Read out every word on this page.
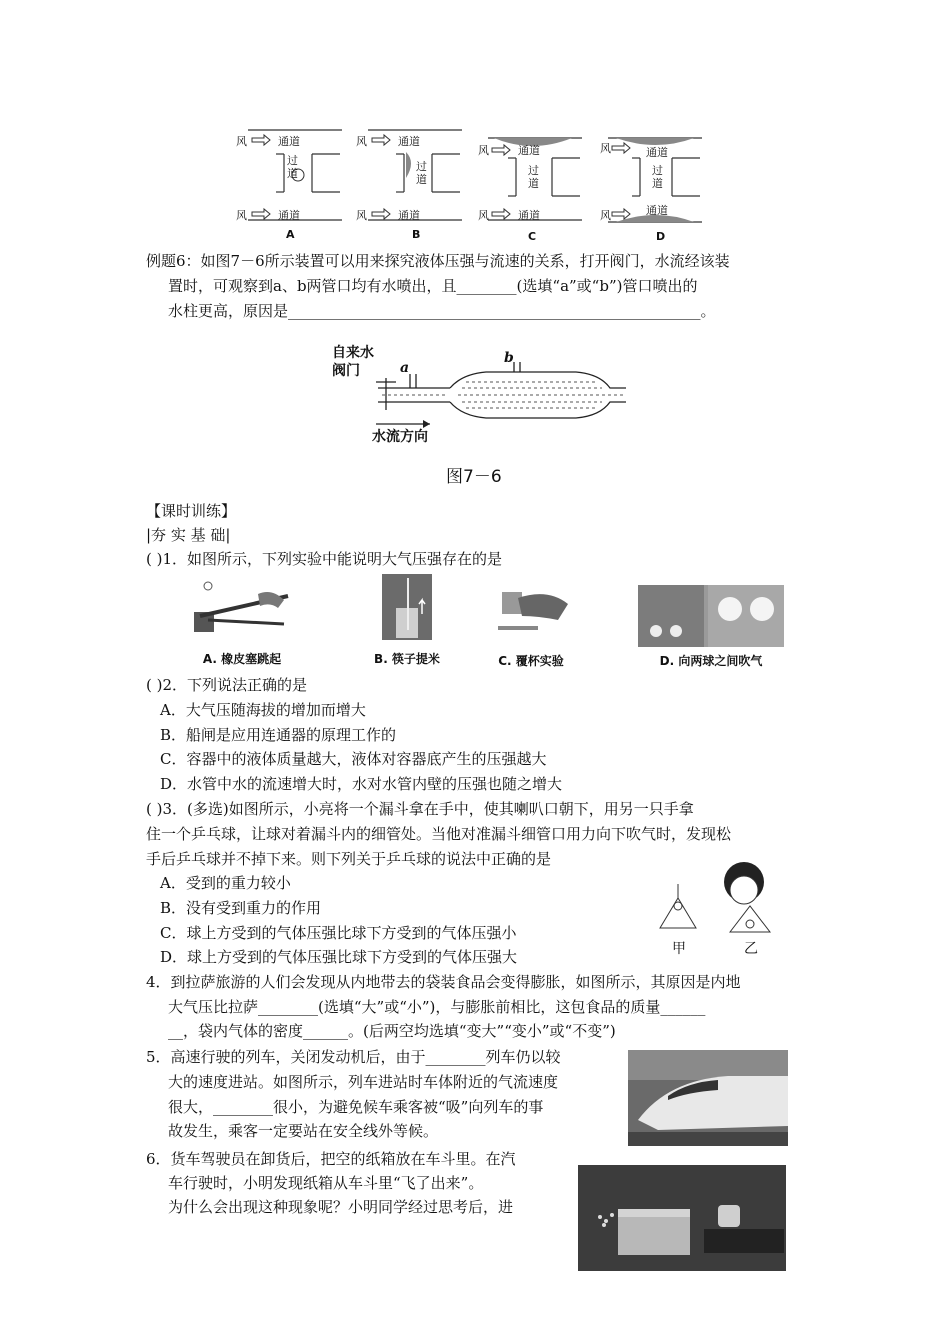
风	通道
风	通道
过道
风	通道
风	通道
过道
风	通道
风	通道
过道
风	通道
风	通道
过道
A	B	C	D
例题6：如图7－6所示装置可以用来探究液体压强与流速的关系，打开阀门，水流经该装
置时，可观察到a、b两管口均有水喷出，且________(选填“a”或“b”)管口喷出的
水柱更高，原因是_______________________________________________________。
自来水
阀门	a
b
水流方向
图7－6
【课时训练】
|夯 实 基 础|
( )1．如图所示，下列实验中能说明大气压强存在的是
A. 橡皮塞跳起	B. 筷子提米	C. 覆杯实验	D. 向两球之间吹气
( )2．下列说法正确的是
A．大气压随海拔的增加而增大
B．船闸是应用连通器的原理工作的
C．容器中的液体质量越大，液体对容器底产生的压强越大
D．水管中水的流速增大时，水对水管内壁的压强也随之增大
( )3．(多选)如图所示，小亮将一个漏斗拿在手中，使其喇叭口朝下，用另一只手拿
住一个乒乓球，让球对着漏斗内的细管处。当他对准漏斗细管口用力向下吹气时，发现松
手后乒乓球并不掉下来。则下列关于乒乓球的说法中正确的是
A．受到的重力较小
B．没有受到重力的作用
C．球上方受到的气体压强比球下方受到的气体压强小
D．球上方受到的气体压强比球下方受到的气体压强大	甲	乙
4．到拉萨旅游的人们会发现从内地带去的袋装食品会变得膨胀，如图所示，其原因是内地
大气压比拉萨________(选填“大”或“小”)，与膨胀前相比，这包食品的质量______
__，袋内气体的密度______。(后两空均选填“变大”“变小”或“不变”)
5．高速行驶的列车，关闭发动机后，由于________列车仍以较
大的速度进站。如图所示，列车进站时车体附近的气流速度
很大，________很小，为避免候车乘客被“吸”向列车的事
故发生，乘客一定要站在安全线外等候。
6．货车驾驶员在卸货后，把空的纸箱放在车斗里。在汽
车行驶时，小明发现纸箱从车斗里“飞了出来”。
为什么会出现这种现象呢？小明同学经过思考后，进
